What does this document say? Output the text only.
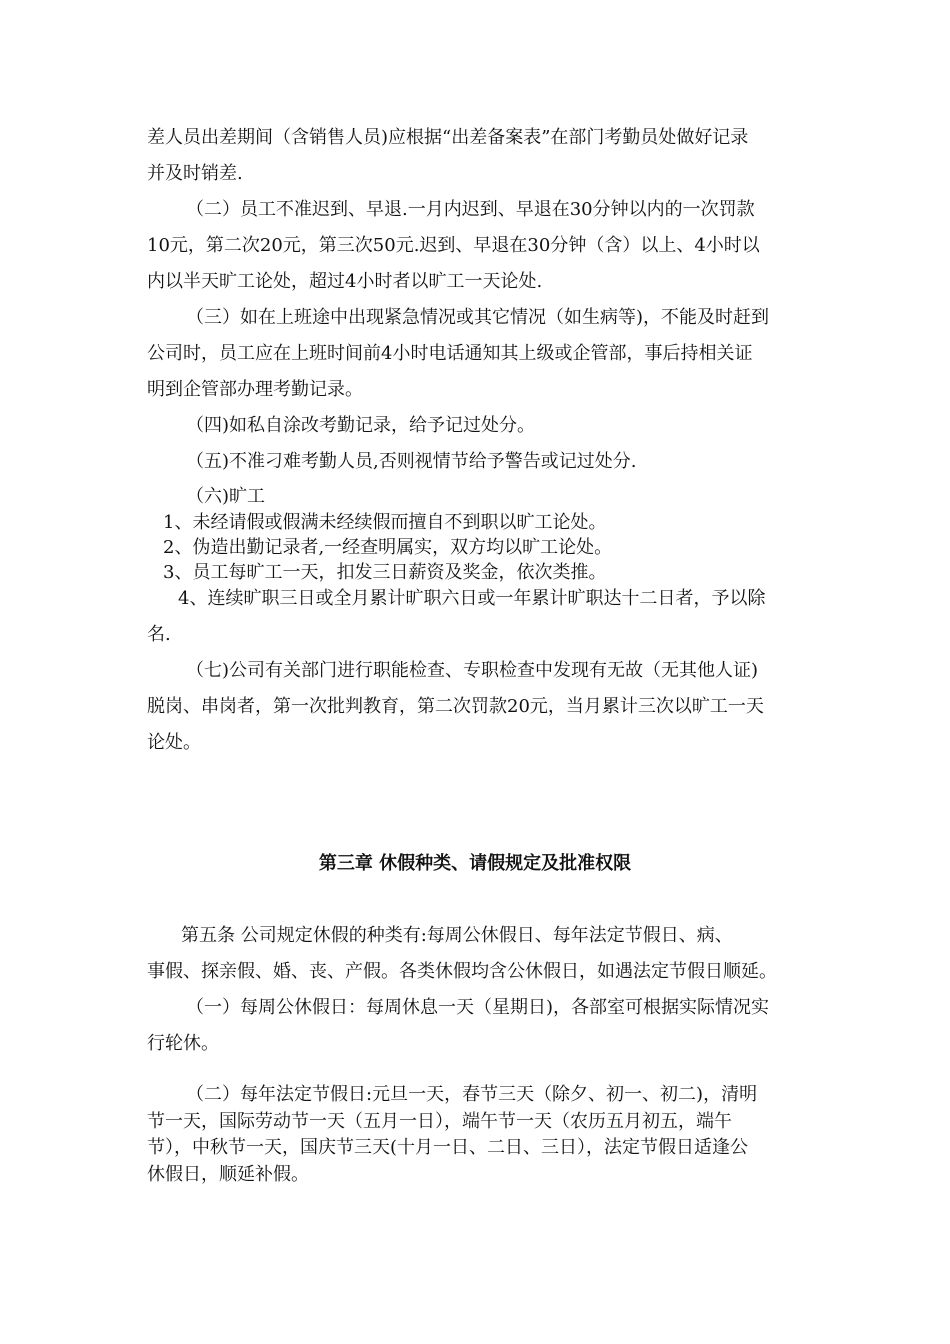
差人员出差期间（含销售人员)应根据“出差备案表”在部门考勤员处做好记录
并及时销差.
（二）员工不准迟到、早退.一月内迟到、早退在30分钟以内的一次罚款
10元，第二次20元，第三次50元.迟到、早退在30分钟（含）以上、4小时以
内以半天旷工论处，超过4小时者以旷工一天论处.
（三）如在上班途中出现紧急情况或其它情况（如生病等)，不能及时赶到
公司时，员工应在上班时间前4小时电话通知其上级或企管部，事后持相关证
明到企管部办理考勤记录。
（四)如私自涂改考勤记录，给予记过处分。
（五)不准刁难考勤人员,否则视情节给予警告或记过处分.
（六)旷工
1、未经请假或假满未经续假而擅自不到职以旷工论处。
2、伪造出勤记录者,一经查明属实，双方均以旷工论处。
3、员工每旷工一天，扣发三日薪资及奖金，依次类推。
4、连续旷职三日或全月累计旷职六日或一年累计旷职达十二日者，予以除
名.
（七)公司有关部门进行职能检查、专职检查中发现有无故（无其他人证)
脱岗、串岗者，第一次批判教育，第二次罚款20元，当月累计三次以旷工一天
论处。
第三章 休假种类、请假规定及批准权限
第五条 公司规定休假的种类有:每周公休假日、每年法定节假日、病、
事假、探亲假、婚、丧、产假。各类休假均含公休假日，如遇法定节假日顺延。
（一）每周公休假日：每周休息一天（星期日)，各部室可根据实际情况实
行轮休。
（二）每年法定节假日:元旦一天，春节三天（除夕、初一、初二)，清明
节一天，国际劳动节一天（五月一日），端午节一天（农历五月初五，端午
节），中秋节一天，国庆节三天(十月一日、二日、三日），法定节假日适逢公
休假日，顺延补假。
